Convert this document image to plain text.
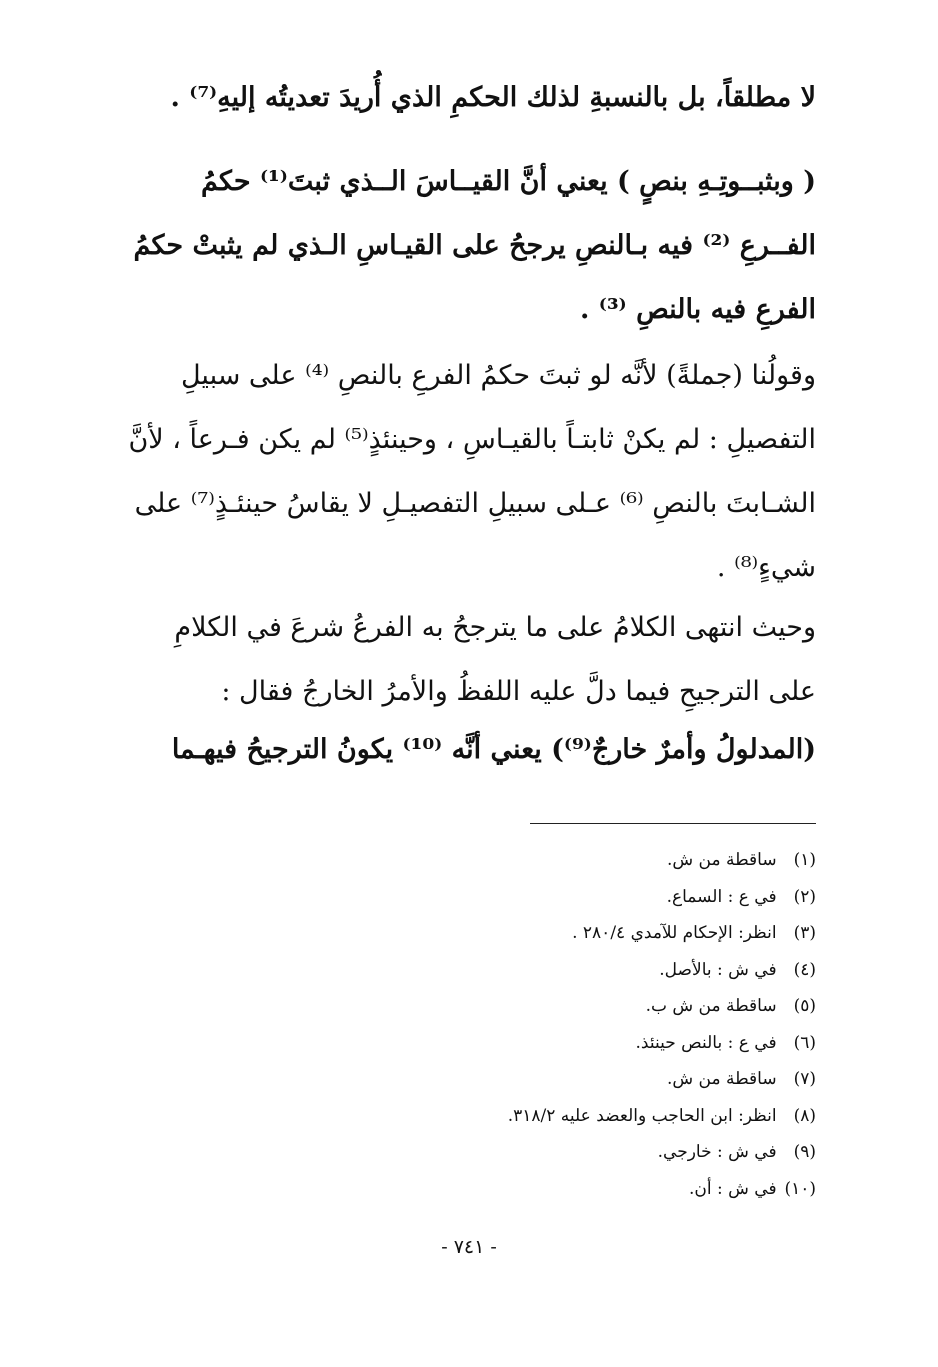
لا مطلقاً، بل بالنسبةِ لذلك الحكمِ الذي أُريدَ تعديتُه إليهِ⁽⁷⁾ .

( وبثبــوتِـهِ بنصٍ ) يعني أنَّ القيــاسَ الــذي ثبتَ⁽¹⁾ حكمُ
الفــرعِ ⁽²⁾ فيه بـالنصِ يرجحُ على القيـاسِ الـذي لم يثبتْ حكمُ
الفرعِ فيه بالنصِ ⁽³⁾ .

وقولُنا (جملةً) لأنَّه لو ثبتَ حكمُ الفرعِ بالنصِ ⁽⁴⁾ على سبيلِ
التفصيلِ : لم يكنْ ثابتـاً بالقيـاسِ ، وحينئذٍ⁽⁵⁾ لم يكن فـرعاً ، لأنَّ
الشـابتَ بالنصِ ⁽⁶⁾ عـلى سبيلِ التفصيـلِ لا يقاسُ حينئـذٍ⁽⁷⁾ على
شيءٍ⁽⁸⁾ .

وحيث انتهى الكلامُ على ما يترجحُ به الفرعُ شرعَ في الكلامِ
على الترجيحِ فيما دلَّ عليه اللفظُ والأمرُ الخارجُ فقال :

(المدلولُ وأمرٌ خارجٌ⁽⁹⁾) يعني أنَّه ⁽¹⁰⁾ يكونُ الترجيحُ فيهـما

(١) ساقطة من ش.
(٢) في ع : السماع.
(٣) انظر: الإحكام للآمدي ٢٨٠/٤ .
(٤) في ش : بالأصل.
(٥) ساقطة من ش ب.
(٦) في ع : بالنص حينئذ.
(٧) ساقطة من ش.
(٨) انظر: ابن الحاجب والعضد عليه ٣١٨/٢.
(٩) في ش : خارجي.
(١٠) في ش : أن.
- ٧٤١ -
